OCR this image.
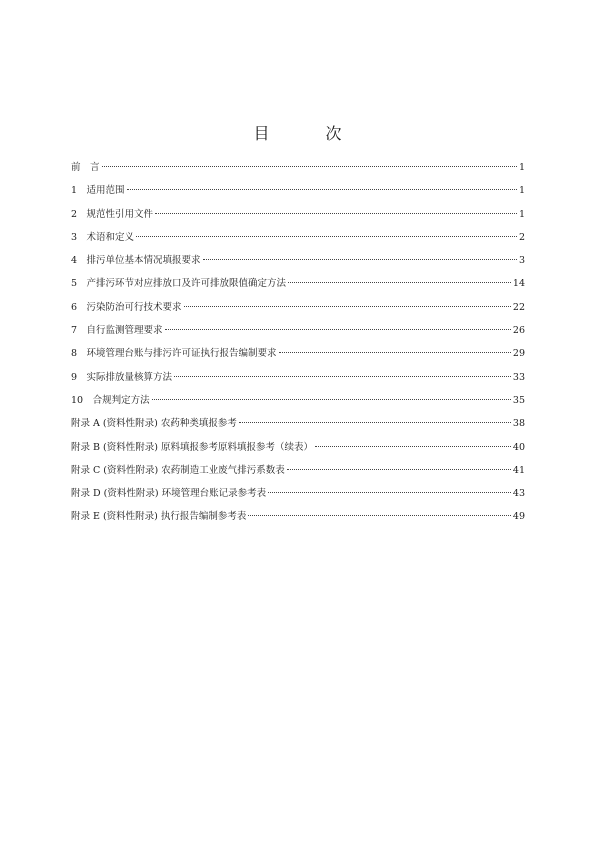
目　次
前　言	1
1　适用范围	1
2　规范性引用文件	1
3　术语和定义	2
4　排污单位基本情况填报要求	3
5　产排污环节对应排放口及许可排放限值确定方法	14
6　污染防治可行技术要求	22
7　自行监测管理要求	26
8　环境管理台账与排污许可证执行报告编制要求	29
9　实际排放量核算方法	33
10　合规判定方法	35
附录 A (资料性附录) 农药种类填报参考	38
附录 B (资料性附录) 原料填报参考原料填报参考（续表）	40
附录 C (资料性附录) 农药制造工业废气排污系数表	41
附录 D (资料性附录) 环境管理台账记录参考表	43
附录 E (资料性附录) 执行报告编制参考表	49
